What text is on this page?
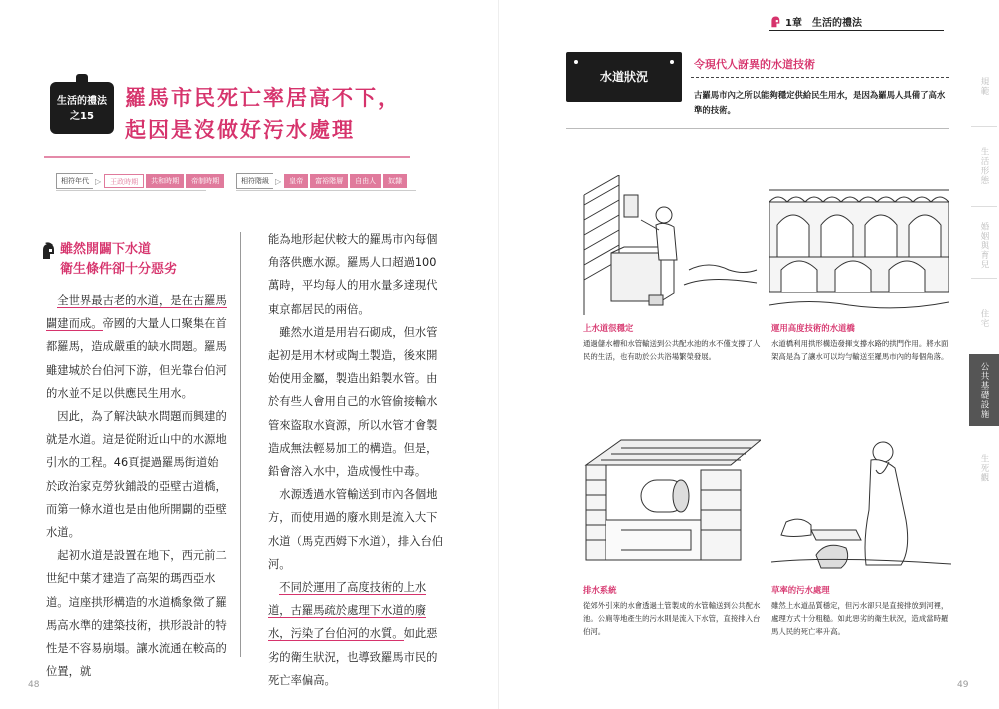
生活的禮法
之15
羅馬市民死亡率居高不下，
起因是沒做好污水處理
相符年代 ▷	王政時期	共和時期	帝制時期	相符階級 ▷	皇帝	富裕階層	自由人	奴隸
雖然開闢下水道
衛生條件卻十分惡劣

全世界最古老的水道，是在古羅馬闢建而成。帝國的大量人口聚集在首都羅馬，造成嚴重的缺水問題。羅馬雖建城於台伯河下游，但光靠台伯河的水並不足以供應民生用水。

因此，為了解決缺水問題而興建的就是水道。這是從附近山中的水源地引水的工程。46頁提過羅馬街道始於政治家克勞狄鋪設的亞壁古道橋，而第一條水道也是由他所開闢的亞壁水道。

起初水道是設置在地下，西元前二世紀中葉才建造了高架的瑪西亞水道。這座拱形構造的水道橋象徵了羅馬高水準的建築技術，拱形設計的特性是不容易崩塌。讓水流通在較高的位置，就

能為地形起伏較大的羅馬市內每個角落供應水源。羅馬人口超過100萬時，平均每人的用水量多達現代東京都居民的兩倍。

雖然水道是用岩石砌成，但水管起初是用木材或陶土製造，後來開始使用金屬，製造出鉛製水管。由於有些人會用自己的水管偷接輸水管來盜取水資源，所以水管才會製造成無法輕易加工的構造。但是，鉛會溶入水中，造成慢性中毒。

水源透過水管輸送到市內各個地方，而使用過的廢水則是流入大下水道（馬克西姆下水道），排入台伯河。

不同於運用了高度技術的上水道，古羅馬疏於處理下水道的廢水，污染了台伯河的水質。如此惡劣的衛生狀況，也導致羅馬市民的死亡率偏高。

48
1章　生活的禮法
水道狀況
令現代人訝異的水道技術
古羅馬市內之所以能夠穩定供給民生用水，是因為羅馬人具備了高水準的技術。
上水道很穩定
通過儲水槽和水管輸送到公共配水池的水不僅支撐了人民的生活，也有助於公共浴場繁榮發展。
運用高度技術的水道橋
水道橋利用拱形構造發揮支撐水路的拱門作用。將水面架高是為了讓水可以均勻輸送至羅馬市內的每個角落。
排水系統
從郊外引來的水會透過土管製成的水管輸送到公共配水池。公廁等地產生的污水則是流入下水管，直接排入台伯河。
草率的污水處理
雖然上水道品質穩定，但污水卻只是直接排放到河裡，處理方式十分粗糙。如此惡劣的衛生狀況，造成當時羅馬人民的死亡率升高。
規範
生活形態
婚姻與育兒
住宅
公共基礎設施
生死觀
49
